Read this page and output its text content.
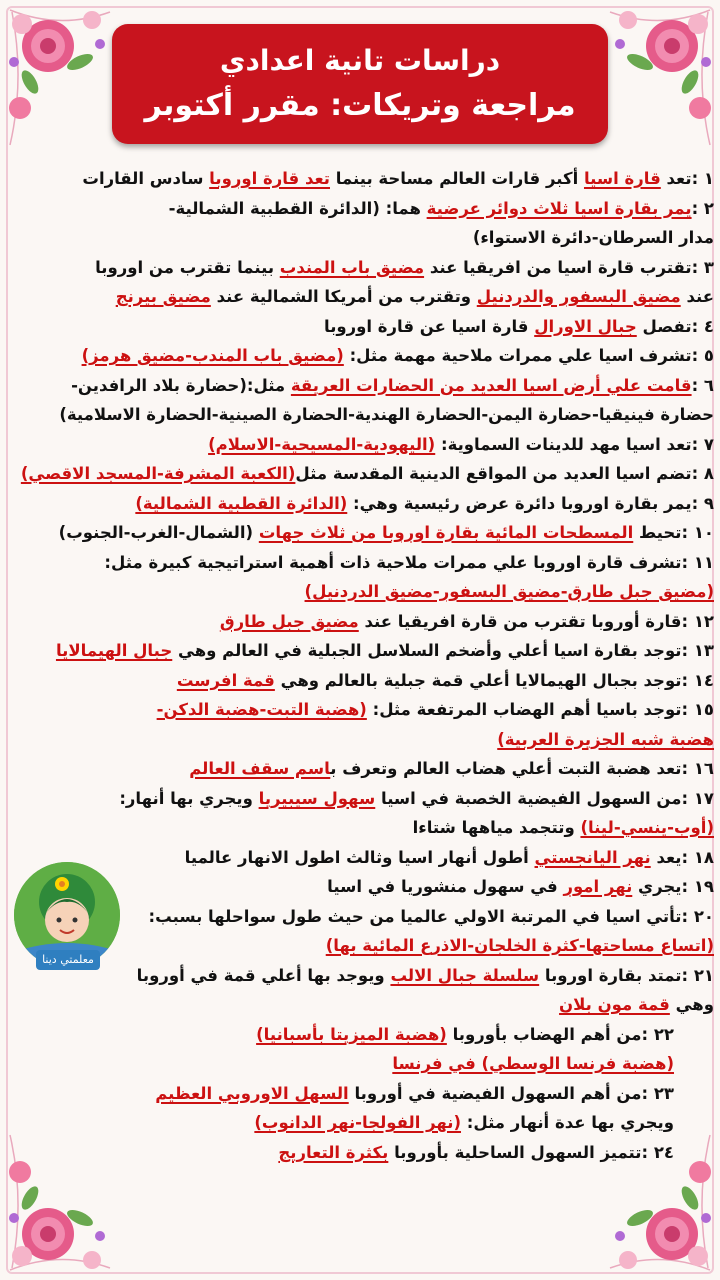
دراسات تانية اعدادي
مراجعة وتريكات: مقرر أكتوبر
١ :تعد قارة اسيا أكبر قارات العالم مساحة بينما تعد قارة اوروبا سادس القارات
٢ :يمر بقارة اسيا ثلاث دوائر عرضية هما: (الدائرة القطبية الشمالية-
مدار السرطان-دائرة الاستواء)
٣ :تقترب قارة اسيا من افريقيا عند مضيق باب المندب بينما تقترب من اوروبا
عند مضيق البسفور والدردنيل وتقترب من أمريكا الشمالية عند مضيق بيرنج
٤ :تفصل جبال الاورال قارة اسيا عن قارة اوروبا
٥ :تشرف اسيا علي ممرات ملاحية مهمة مثل: (مضيق باب المندب-مضيق هرمز)
٦ :قامت علي أرض اسيا العديد من الحضارات العريقة مثل:(حضارة بلاد الرافدين-
حضارة فينيقيا-حضارة اليمن-الحضارة الهندية-الحضارة الصينية-الحضارة الاسلامية)
٧ :تعد اسيا مهد للدينات السماوية: (اليهودية-المسيحية-الاسلام)
٨ :تضم اسيا العديد من المواقع الدينية المقدسة مثل(الكعبة المشرفة-المسجد الاقصي)
٩ :يمر بقارة اوروبا دائرة عرض رئيسية وهي: (الدائرة القطبية الشمالية)
١٠ :تحيط المسطحات المائية بقارة اوروبا من ثلاث جهات (الشمال-الغرب-الجنوب)
١١ :تشرف قارة اوروبا علي ممرات ملاحية ذات أهمية استراتيجية كبيرة مثل:
(مضيق جبل طارق-مضيق البسفور-مضيق الدردنيل)
١٢ :قارة أوروبا تقترب من قارة افريقيا عند مضيق جبل طارق
١٣ :توجد بقارة اسيا أعلي وأضخم السلاسل الجبلية في العالم وهي جبال الهيمالايا
١٤ :توجد بجبال الهيمالايا أعلي قمة جبلية بالعالم وهي قمة افرست
١٥ :توجد باسيا أهم الهضاب المرتفعة مثل: (هضبة التبت-هضبة الدكن-
هضبة شبه الجزيرة العربية)
١٦ :تعد هضبة التبت أعلي هضاب العالم وتعرف باسم سقف العالم
١٧ :من السهول الفيضية الخصبة في اسيا سهول سيبيريا ويجري بها أنهار:
(أوب-ينسي-لينا) وتتجمد مياهها شتاءا
١٨ :يعد نهر اليانجستي أطول أنهار اسيا وثالث اطول الانهار عالميا
١٩ :يجري نهر امور في سهول منشوريا في اسيا
٢٠ :تأتي اسيا في المرتبة الاولي عالميا من حيث طول سواحلها بسبب:
(اتساع مساحتها-كثرة الخلجان-الاذرع المائية بها)
٢١ :تمتد بقارة اوروبا سلسلة جبال الالب ويوجد بها أعلي قمة في أوروبا
وهي قمة مون بلان
٢٢ :من أهم الهضاب بأوروبا (هضبة الميزيتا بأسبانيا)
(هضبة فرنسا الوسطي) في فرنسا
٢٣ :من أهم السهول الفيضية في أوروبا السهل الاوروبي العظيم
ويجري بها عدة أنهار مثل: (نهر الفولجا-نهر الدانوب)
٢٤ :تتميز السهول الساحلية بأوروبا بكثرة التعاريج
معلمتي دينا
